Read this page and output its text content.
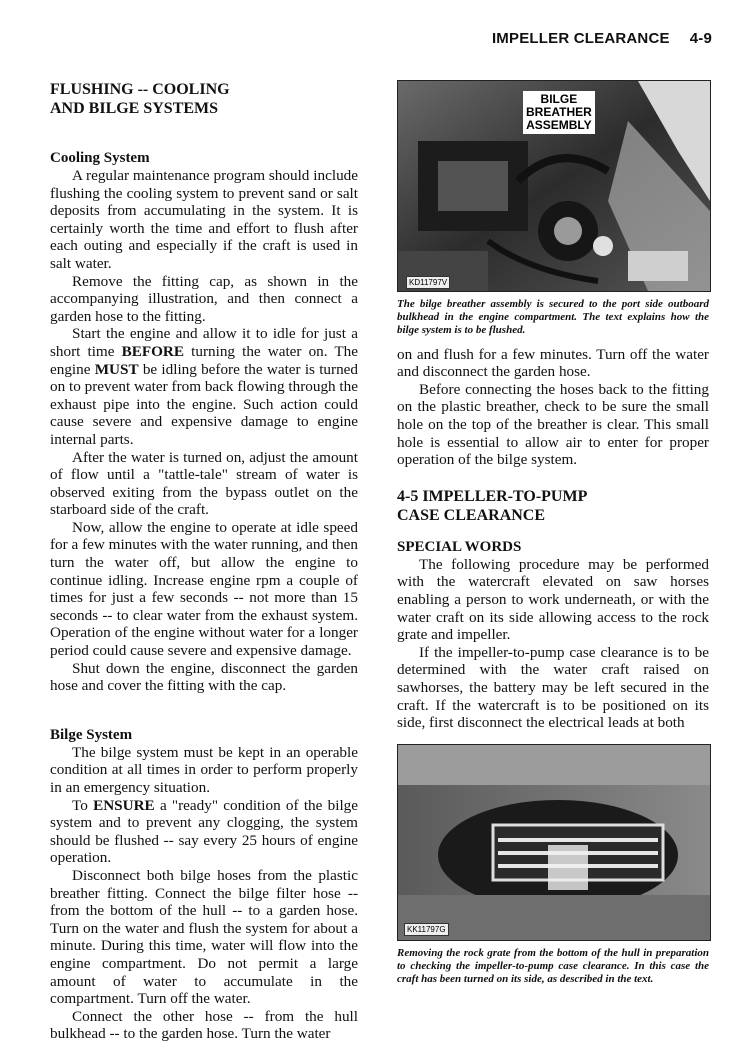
IMPELLER CLEARANCE 4-9
FLUSHING -- COOLING
AND BILGE SYSTEMS
Cooling System

A regular maintenance program should include flushing the cooling system to prevent sand or salt deposits from accumulating in the system. It is certainly worth the time and effort to flush after each outing and especially if the craft is used in salt water.

Remove the fitting cap, as shown in the accompanying illustration, and then connect a garden hose to the fitting.

Start the engine and allow it to idle for just a short time BEFORE turning the water on. The engine MUST be idling before the water is turned on to prevent water from back flowing through the exhaust pipe into the engine. Such action could cause severe and expensive damage to engine internal parts.

After the water is turned on, adjust the amount of flow until a "tattle-tale" stream of water is observed exiting from the bypass outlet on the starboard side of the craft.

Now, allow the engine to operate at idle speed for a few minutes with the water running, and then turn the water off, but allow the engine to continue idling. Increase engine rpm a couple of times for just a few seconds -- not more than 15 seconds -- to clear water from the exhaust system. Operation of the engine without water for a longer period could cause severe and expensive damage.

Shut down the engine, disconnect the garden hose and cover the fitting with the cap.

Bilge System

The bilge system must be kept in an operable condition at all times in order to perform properly in an emergency situation.

To ENSURE a "ready" condition of the bilge system and to prevent any clogging, the system should be flushed -- say every 25 hours of engine operation.

Disconnect both bilge hoses from the plastic breather fitting. Connect the bilge filter hose -- from the bottom of the hull -- to a garden hose. Turn on the water and flush the system for about a minute. During this time, water will flow into the engine compartment. Do not permit a large amount of water to accumulate in the compartment. Turn off the water.

Connect the other hose -- from the hull bulkhead -- to the garden hose. Turn the water

BILGE
BREATHER
ASSEMBLY
KD11797V
The bilge breather assembly is secured to the port side outboard bulkhead in the engine compartment. The text explains how the bilge system is to be flushed.

on and flush for a few minutes. Turn off the water and disconnect the garden hose.

Before connecting the hoses back to the fitting on the plastic breather, check to be sure the small hole on the top of the breather is clear. This small hole is essential to allow air to enter for proper operation of the bilge system.

4-5 IMPELLER-TO-PUMP
CASE CLEARANCE
SPECIAL WORDS

The following procedure may be performed with the watercraft elevated on saw horses enabling a person to work underneath, or with the water craft on its side allowing access to the rock grate and impeller.

If the impeller-to-pump case clearance is to be determined with the water craft raised on sawhorses, the battery may be left secured in the craft. If the watercraft is to be positioned on its side, first disconnect the electrical leads at both

KK11797G
Removing the rock grate from the bottom of the hull in preparation to checking the impeller-to-pump case clearance. In this case the craft has been turned on its side, as described in the text.
